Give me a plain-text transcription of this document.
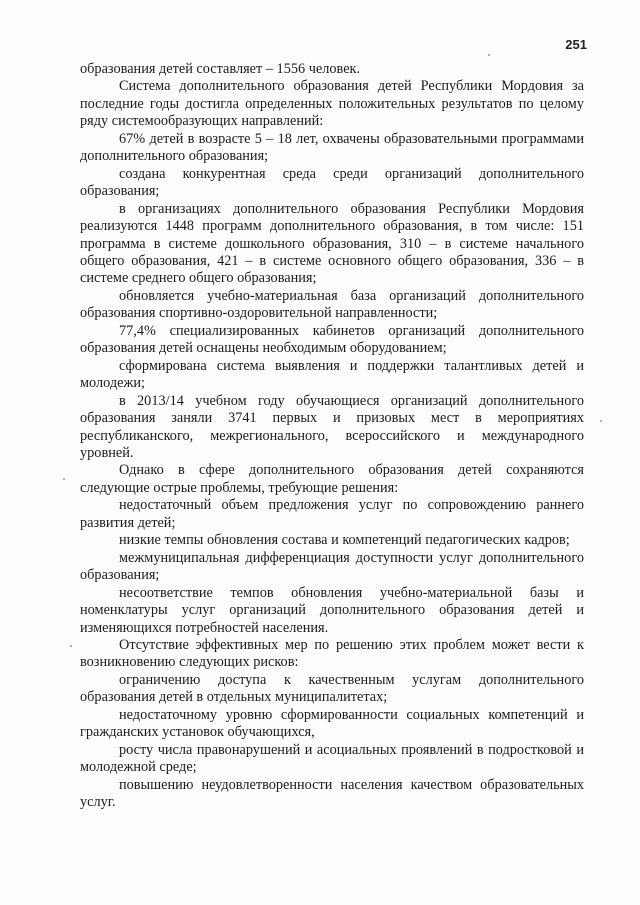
251

образования детей составляет – 1556 человек.

Система дополнительного образования детей Республики Мордовия за последние годы достигла определенных положительных результатов по целому ряду системообразующих направлений:

67% детей в возрасте 5 – 18 лет, охвачены образовательными программами дополнительного образования;

создана конкурентная среда среди организаций дополнительного образования;

в организациях дополнительного образования Республики Мордовия реализуются 1448 программ дополнительного образования, в том числе: 151 программа в системе дошкольного образования, 310 – в системе начального общего образования, 421 – в системе основного общего образования, 336 – в системе среднего общего образования;

обновляется учебно-материальная база организаций дополнительного образования спортивно-оздоровительной направленности;

77,4% специализированных кабинетов организаций дополнительного образования детей оснащены необходимым оборудованием;

сформирована система выявления и поддержки талантливых детей и молодежи;

в 2013/14 учебном году обучающиеся организаций дополнительного образования заняли 3741 первых и призовых мест в мероприятиях республиканского, межрегионального, всероссийского и международного уровней.

Однако в сфере дополнительного образования детей сохраняются следующие острые проблемы, требующие решения:

недостаточный объем предложения услуг по сопровождению раннего развития детей;

низкие темпы обновления состава и компетенций педагогических кадров;

межмуниципальная дифференциация доступности услуг дополнительного образования;

несоответствие темпов обновления учебно-материальной базы и номенклатуры услуг организаций дополнительного образования детей и изменяющихся потребностей населения.

Отсутствие эффективных мер по решению этих проблем может вести к возникновению следующих рисков:

ограничению доступа к качественным услугам дополнительного образования детей в отдельных муниципалитетах;

недостаточному уровню сформированности социальных компетенций и гражданских установок обучающихся,

росту числа правонарушений и асоциальных проявлений в подростковой и молодежной среде;

повышению неудовлетворенности населения качеством образовательных услуг.
